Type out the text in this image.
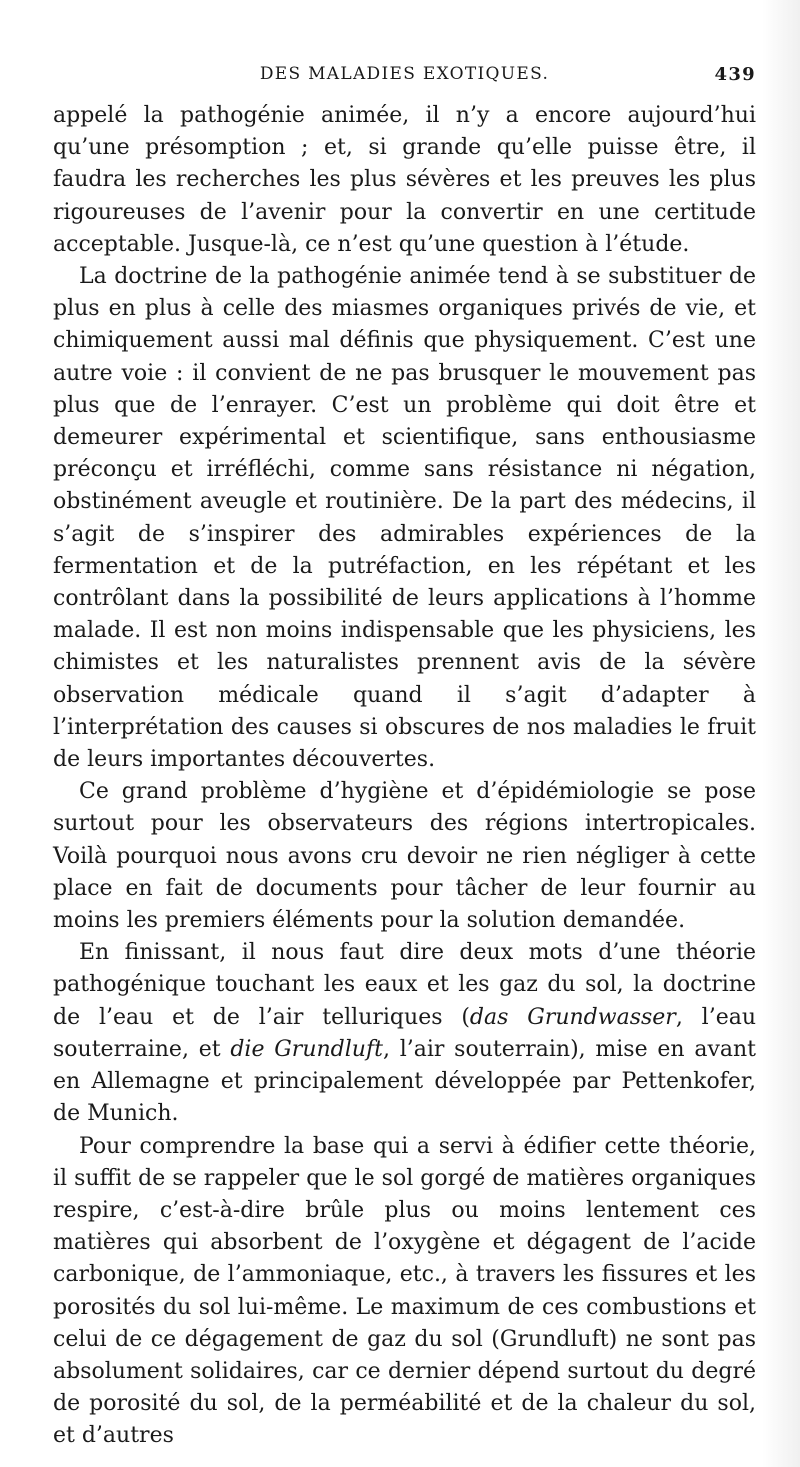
DES MALADIES EXOTIQUES.	439

appelé la pathogénie animée, il n’y a encore aujourd’hui qu’une présomption ; et, si grande qu’elle puisse être, il faudra les recherches les plus sévères et les preuves les plus rigoureuses de l’avenir pour la convertir en une certitude acceptable. Jusque-là, ce n’est qu’une question à l’étude.

La doctrine de la pathogénie animée tend à se substituer de plus en plus à celle des miasmes organiques privés de vie, et chimiquement aussi mal définis que physiquement. C’est une autre voie : il convient de ne pas brusquer le mouvement pas plus que de l’enrayer. C’est un problème qui doit être et demeurer expérimental et scientifique, sans enthousiasme préconçu et irréfléchi, comme sans résistance ni négation, obstinément aveugle et routinière. De la part des médecins, il s’agit de s’inspirer des admirables expériences de la fermentation et de la putréfaction, en les répétant et les contrôlant dans la possibilité de leurs applications à l’homme malade. Il est non moins indispensable que les physiciens, les chimistes et les naturalistes prennent avis de la sévère observation médicale quand il s’agit d’adapter à l’interprétation des causes si obscures de nos maladies le fruit de leurs importantes découvertes.

Ce grand problème d’hygiène et d’épidémiologie se pose surtout pour les observateurs des régions intertropicales. Voilà pourquoi nous avons cru devoir ne rien négliger à cette place en fait de documents pour tâcher de leur fournir au moins les premiers éléments pour la solution demandée.

En finissant, il nous faut dire deux mots d’une théorie pathogénique touchant les eaux et les gaz du sol, la doctrine de l’eau et de l’air telluriques (das Grundwasser, l’eau souterraine, et die Grundluft, l’air souterrain), mise en avant en Allemagne et principalement développée par Pettenkofer, de Munich.

Pour comprendre la base qui a servi à édifier cette théorie, il suffit de se rappeler que le sol gorgé de matières organiques respire, c’est-à-dire brûle plus ou moins lentement ces matières qui absorbent de l’oxygène et dégagent de l’acide carbonique, de l’ammoniaque, etc., à travers les fissures et les porosités du sol lui-même. Le maximum de ces combustions et celui de ce dégagement de gaz du sol (Grundluft) ne sont pas absolument solidaires, car ce dernier dépend surtout du degré de porosité du sol, de la perméabilité et de la chaleur du sol, et d’autres
